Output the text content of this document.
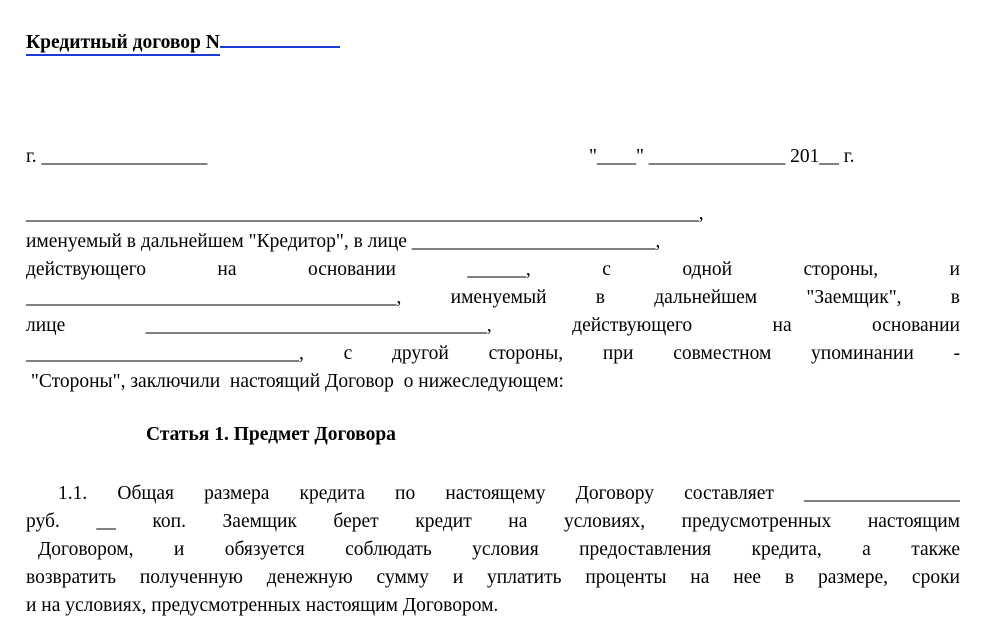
Кредитный договор N
г. _________________	"____" ______________ 201__ г.
_____________________________________________________________________,
именуемый в дальнейшем "Кредитор", в лице _________________________,
действующего на основании ______, с одной стороны, и
______________________________________, именуемый в дальнейшем "Заемщик", в
лице ___________________________________, действующего на основании
____________________________, с другой стороны, при совместном упоминании -
"Стороны", заключили  настоящий Договор  о нижеследующем:
Статья 1. Предмет Договора
1.1. Общая размера кредита по настоящему Договору составляет ________________
руб. __ коп. Заемщик берет кредит на условиях, предусмотренных настоящим
Договором, и обязуется соблюдать условия предоставления кредита, а также
возвратить полученную денежную сумму и уплатить проценты на нее в размере, сроки
и на условиях, предусмотренных настоящим Договором.
